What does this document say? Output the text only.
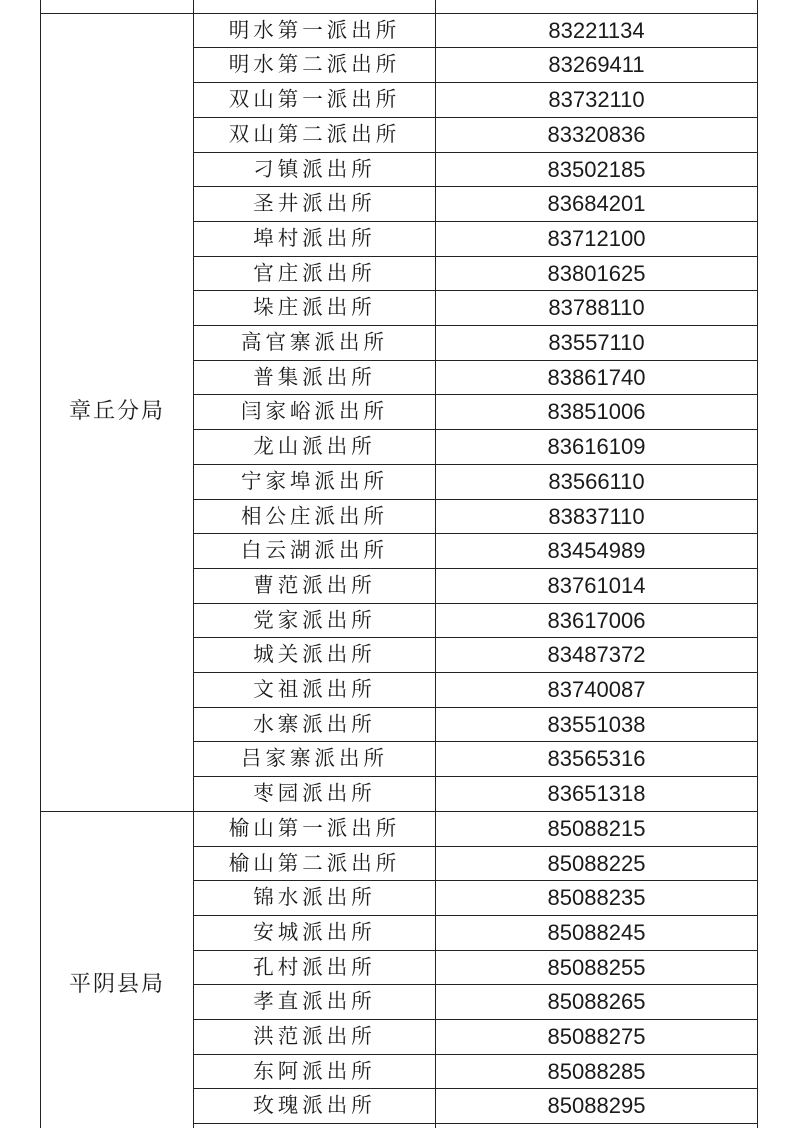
章丘分局	明水第一派出所	83221134
	明水第二派出所	83269411
	双山第一派出所	83732110
	双山第二派出所	83320836
	刁镇派出所	83502185
	圣井派出所	83684201
	埠村派出所	83712100
	官庄派出所	83801625
	垛庄派出所	83788110
	高官寨派出所	83557110
	普集派出所	83861740
	闫家峪派出所	83851006
	龙山派出所	83616109
	宁家埠派出所	83566110
	相公庄派出所	83837110
	白云湖派出所	83454989
	曹范派出所	83761014
	党家派出所	83617006
	城关派出所	83487372
	文祖派出所	83740087
	水寨派出所	83551038
	吕家寨派出所	83565316
	枣园派出所	83651318
平阴县局	榆山第一派出所	85088215
	榆山第二派出所	85088225
	锦水派出所	85088235
	安城派出所	85088245
	孔村派出所	85088255
	孝直派出所	85088265
	洪范派出所	85088275
	东阿派出所	85088285
	玫瑰派出所	85088295
